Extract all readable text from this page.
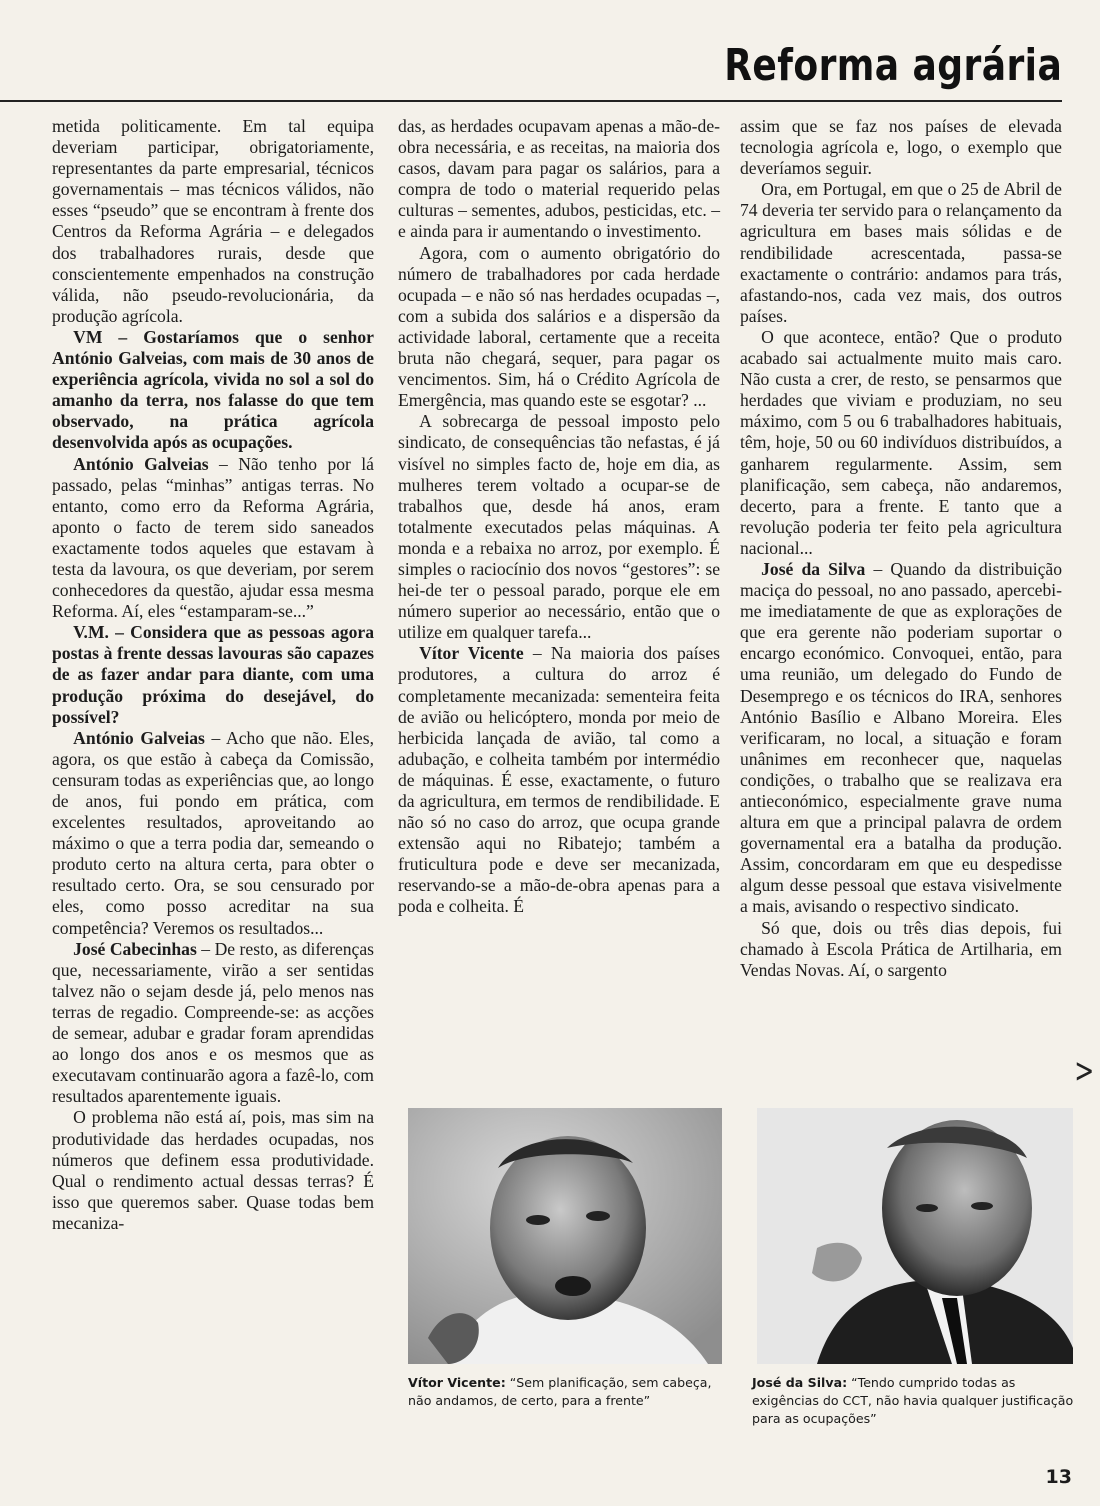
Reforma agrária

metida politicamente. Em tal equipa deveriam participar, obrigatoriamente, representantes da parte empresarial, técnicos governamentais – mas técnicos válidos, não esses “pseudo” que se encontram à frente dos Centros da Reforma Agrária – e delegados dos trabalhadores rurais, desde que conscientemente empenhados na construção válida, não pseudo-revolucionária, da produção agrícola.

VM – Gostaríamos que o senhor António Galveias, com mais de 30 anos de experiência agrícola, vivida no sol a sol do amanho da terra, nos falasse do que tem observado, na prática agrícola desenvolvida após as ocupações.

António Galveias – Não tenho por lá passado, pelas “minhas” antigas terras. No entanto, como erro da Reforma Agrária, aponto o facto de terem sido saneados exactamente todos aqueles que estavam à testa da lavoura, os que deveriam, por serem conhecedores da questão, ajudar essa mesma Reforma. Aí, eles “estamparam-se...”

V.M. – Considera que as pessoas agora postas à frente dessas lavouras são capazes de as fazer andar para diante, com uma produção próxima do desejável, do possível?

António Galveias – Acho que não. Eles, agora, os que estão à cabeça da Comissão, censuram todas as experiências que, ao longo de anos, fui pondo em prática, com excelentes resultados, aproveitando ao máximo o que a terra podia dar, semeando o produto certo na altura certa, para obter o resultado certo. Ora, se sou censurado por eles, como posso acreditar na sua competência? Veremos os resultados...

José Cabecinhas – De resto, as diferenças que, necessariamente, virão a ser sentidas talvez não o sejam desde já, pelo menos nas terras de regadio. Compreende-se: as acções de semear, adubar e gradar foram aprendidas ao longo dos anos e os mesmos que as executavam continuarão agora a fazê-lo, com resultados aparentemente iguais.

O problema não está aí, pois, mas sim na produtividade das herdades ocupadas, nos números que definem essa produtividade. Qual o rendimento actual dessas terras? É isso que queremos saber. Quase todas bem mecaniza-

das, as herdades ocupavam apenas a mão-de-obra necessária, e as receitas, na maioria dos casos, davam para pagar os salários, para a compra de todo o material requerido pelas culturas – sementes, adubos, pesticidas, etc. – e ainda para ir aumentando o investimento.

Agora, com o aumento obrigatório do número de trabalhadores por cada herdade ocupada – e não só nas herdades ocupadas –, com a subida dos salários e a dispersão da actividade laboral, certamente que a receita bruta não chegará, sequer, para pagar os vencimentos. Sim, há o Crédito Agrícola de Emergência, mas quando este se esgotar? ...

A sobrecarga de pessoal imposto pelo sindicato, de consequências tão nefastas, é já visível no simples facto de, hoje em dia, as mulheres terem voltado a ocupar-se de trabalhos que, desde há anos, eram totalmente executados pelas máquinas. A monda e a rebaixa no arroz, por exemplo. É simples o raciocínio dos novos “gestores”: se hei-de ter o pessoal parado, porque ele em número superior ao necessário, então que o utilize em qualquer tarefa...

Vítor Vicente – Na maioria dos países produtores, a cultura do arroz é completamente mecanizada: sementeira feita de avião ou helicóptero, monda por meio de herbicida lançada de avião, tal como a adubação, e colheita também por intermédio de máquinas. É esse, exactamente, o futuro da agricultura, em termos de rendibilidade. E não só no caso do arroz, que ocupa grande extensão aqui no Ribatejo; também a fruticultura pode e deve ser mecanizada, reservando-se a mão-de-obra apenas para a poda e colheita. É

assim que se faz nos países de elevada tecnologia agrícola e, logo, o exemplo que deveríamos seguir.

Ora, em Portugal, em que o 25 de Abril de 74 deveria ter servido para o relançamento da agricultura em bases mais sólidas e de rendibilidade acrescentada, passa-se exactamente o contrário: andamos para trás, afastando-nos, cada vez mais, dos outros países.

O que acontece, então? Que o produto acabado sai actualmente muito mais caro. Não custa a crer, de resto, se pensarmos que herdades que viviam e produziam, no seu máximo, com 5 ou 6 trabalhadores habituais, têm, hoje, 50 ou 60 indivíduos distribuídos, a ganharem regularmente. Assim, sem planificação, sem cabeça, não andaremos, decerto, para a frente. E tanto que a revolução poderia ter feito pela agricultura nacional...

José da Silva – Quando da distribuição maciça do pessoal, no ano passado, apercebi-me imediatamente de que as explorações de que era gerente não poderiam suportar o encargo económico. Convoquei, então, para uma reunião, um delegado do Fundo de Desemprego e os técnicos do IRA, senhores António Basílio e Albano Moreira. Eles verificaram, no local, a situação e foram unânimes em reconhecer que, naquelas condições, o trabalho que se realizava era antieconómico, especialmente grave numa altura em que a principal palavra de ordem governamental era a batalha da produção. Assim, concordaram em que eu despedisse algum desse pessoal que estava visivelmente a mais, avisando o respectivo sindicato.

Só que, dois ou três dias depois, fui chamado à Escola Prática de Artilharia, em Vendas Novas. Aí, o sargento

Vítor Vicente: “Sem planificação, sem cabeça, não andamos, de certo, para a frente”
José da Silva: “Tendo cumprido todas as exigências do CCT, não havia qualquer justificação para as ocupações”
>
13
